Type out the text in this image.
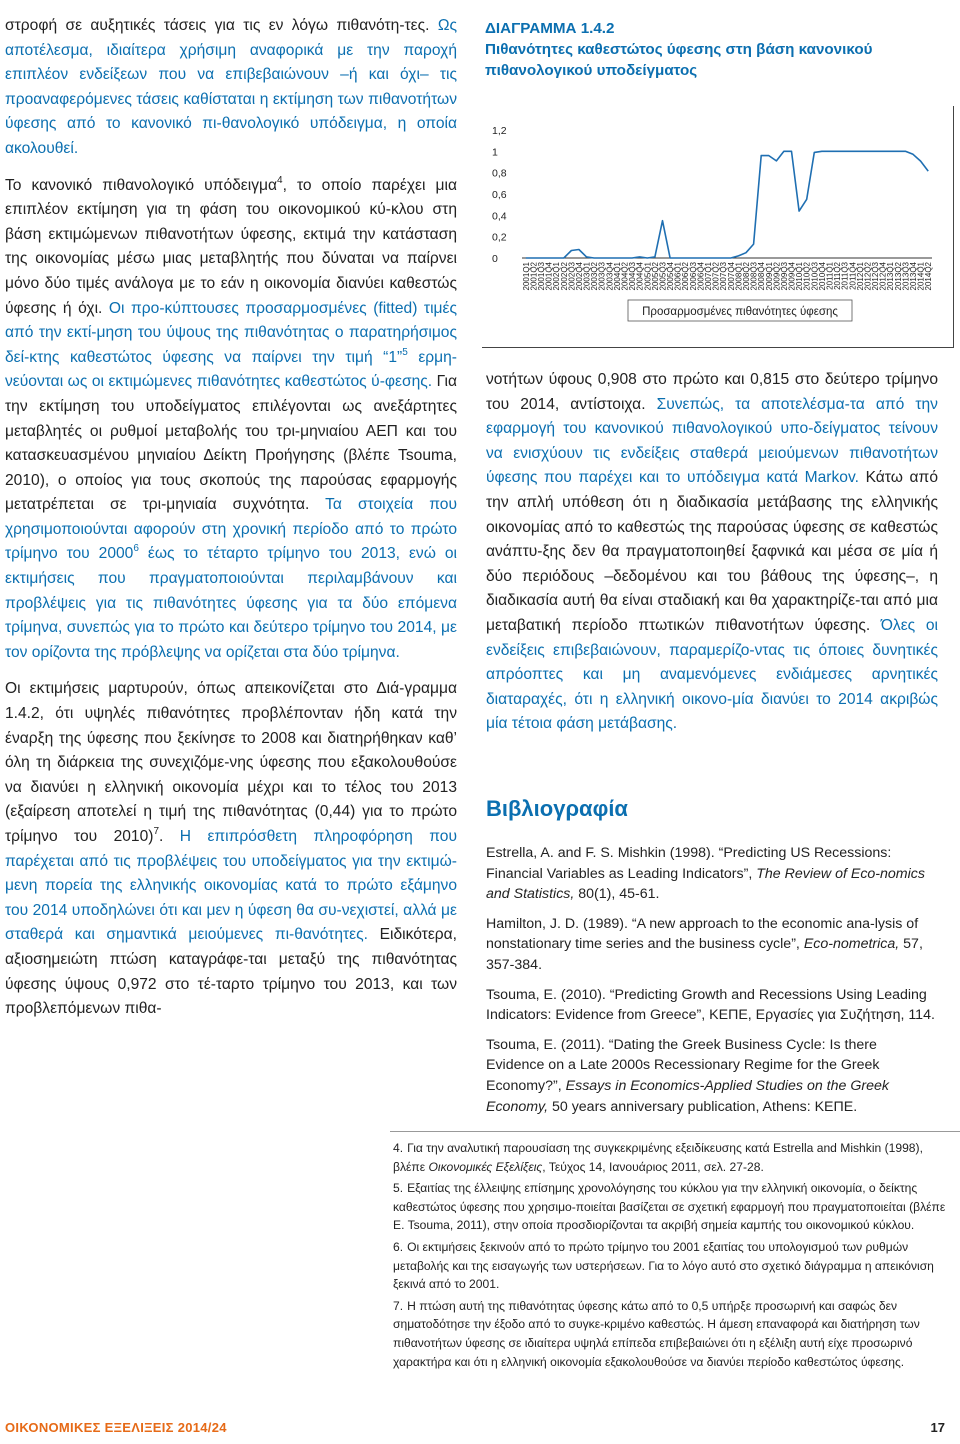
στροφή σε αυξητικές τάσεις για τις εν λόγω πιθανότη-τες. Ως αποτέλεσμα, ιδιαίτερα χρήσιμη αναφορικά με την παροχή επιπλέον ενδείξεων που να επιβεβαιώνουν –ή και όχι– τις προαναφερόμενες τάσεις καθίσταται η εκτίμηση των πιθανοτήτων ύφεσης από το κανονικό πι-θανολογικό υπόδειγμα, η οποία ακολουθεί.

Το κανονικό πιθανολογικό υπόδειγμα$^4$, το οποίο παρέχει μια επιπλέον εκτίμηση για τη φάση του οικονομικού κύ-κλου στη βάση εκτιμώμενων πιθανοτήτων ύφεσης, εκτιμά την κατάσταση της οικονομίας μέσω μιας μεταβλητής που δύναται να παίρνει μόνο δύο τιμές ανάλογα με το εάν η οικονομία διανύει καθεστώς ύφεσης ή όχι. Οι προ-κύπτουσες προσαρμοσμένες (fitted) τιμές από την εκτί-μηση του ύψους της πιθανότητας ο παρατηρήσιμος δεί-κτης καθεστώτος ύφεσης να παίρνει την τιμή “1”$^5$ ερμη-νεύονται ως οι εκτιμώμενες πιθανότητες καθεστώτος ύ-φεσης. Για την εκτίμηση του υποδείγματος επιλέγονται ως ανεξάρτητες μεταβλητές οι ρυθμοί μεταβολής του τρι-μηνιαίου ΑΕΠ και του κατασκευασμένου μηνιαίου Δείκτη Προήγησης (βλέπε Tsouma, 2010), ο οποίος για τους σκοπούς της παρούσας εφαρμογής μετατρέπεται σε τρι-μηνιαία συχνότητα. Τα στοιχεία που χρησιμοποιούνται αφορούν στη χρονική περίοδο από το πρώτο τρίμηνο του 2000$^6$ έως το τέταρτο τρίμηνο του 2013, ενώ οι εκτιμήσεις που πραγματοποιούνται περιλαμβάνουν και προβλέψεις για τις πιθανότητες ύφεσης για τα δύο επόμενα τρίμηνα, συνεπώς για το πρώτο και δεύτερο τρίμηνο του 2014, με τον ορίζοντα της πρόβλεψης να ορίζεται στα δύο τρίμηνα.

Οι εκτιμήσεις μαρτυρούν, όπως απεικονίζεται στο Διά-γραμμα 1.4.2, ότι υψηλές πιθανότητες προβλέπονταν ήδη κατά την έναρξη της ύφεσης που ξεκίνησε το 2008 και διατηρήθηκαν καθ’ όλη τη διάρκεια της συνεχιζόμε-νης ύφεσης που εξακολουθούσε να διανύει η ελληνική οικονομία μέχρι και το τέλος του 2013 (εξαίρεση αποτελεί η τιμή της πιθανότητας (0,44) για το πρώτο τρίμηνο του 2010)$^7$. Η επιπρόσθετη πληροφόρηση που παρέχεται από τις προβλέψεις του υποδείγματος για την εκτιμώ-μενη πορεία της ελληνικής οικονομίας κατά το πρώτο εξάμηνο του 2014 υποδηλώνει ότι και μεν η ύφεση θα συ-νεχιστεί, αλλά με σταθερά και σημαντικά μειούμενες πι-θανότητες. Ειδικότερα, αξιοσημειώτη πτώση καταγράφε-ται μεταξύ της πιθανότητας ύφεσης ύψους 0,972 στο τέ-ταρτο τρίμηνο του 2013, και των προβλεπόμενων πιθα-

ΔΙΑΓΡΑΜΜΑ 1.4.2
Πιθανότητες καθεστώτος ύφεσης στη βάση κανονικού πιθανολογικού υποδείγματος
1,2
1
0,8
0,6
0,4
0,2
0
2001Q1
2001Q2
2001Q3
2001Q4
2002Q1
2002Q2
2002Q3
2002Q4
2003Q1
2003Q2
2003Q3
2003Q4
2004Q1
2004Q2
2004Q3
2004Q4
2005Q1
2005Q2
2005Q3
2005Q4
2006Q1
2006Q2
2006Q3
2006Q4
2007Q1
2007Q2
2007Q3
2007Q4
2008Q1
2008Q2
2008Q3
2008Q4
2009Q1
2009Q2
2009Q3
2009Q4
2010Q1
2010Q2
2010Q3
2010Q4
2011Q1
2011Q2
2011Q3
2011Q4
2012Q1
2012Q2
2012Q3
2012Q4
2013Q1
2013Q2
2013Q3
2013Q4
2014Q1
2014Q2
Προσαρμοσμένες πιθανότητες ύφεσης

νοτήτων ύφους 0,908 στο πρώτο και 0,815 στο δεύτερο τρίμηνο του 2014, αντίστοιχα. Συνεπώς, τα αποτελέσμα-τα από την εφαρμογή του κανονικού πιθανολογικού υπο-δείγματος τείνουν να ενισχύουν τις ενδείξεις σταθερά μειούμενων πιθανοτήτων ύφεσης που παρέχει και το υπόδειγμα κατά Markov. Κάτω από την απλή υπόθεση ότι η διαδικασία μετάβασης της ελληνικής οικονομίας από το καθεστώς της παρούσας ύφεσης σε καθεστώς ανάπτυ-ξης δεν θα πραγματοποιηθεί ξαφνικά και μέσα σε μία ή δύο περιόδους –δεδομένου και του βάθους της ύφεσης–, η διαδικασία αυτή θα είναι σταδιακή και θα χαρακτηρίζε-ται από μια μεταβατική περίοδο πτωτικών πιθανοτήτων ύφεσης. Όλες οι ενδείξεις επιβεβαιώνουν, παραμερίζο-ντας τις όποιες δυνητικές απρόοπτες και μη αναμενόμενες ενδιάμεσες αρνητικές διαταραχές, ότι η ελληνική οικονο-μία διανύει το 2014 ακριβώς μία τέτοια φάση μετάβασης.

Βιβλιογραφία

Estrella, A. and F. S. Mishkin (1998). “Predicting US Recessions: Financial Variables as Leading Indicators”, The Review of Eco-nomics and Statistics, 80(1), 45-61.

Hamilton, J. D. (1989). “A new approach to the economic ana-lysis of nonstationary time series and the business cycle”, Eco-nometrica, 57, 357-384.

Tsouma, E. (2010). “Predicting Growth and Recessions Using Leading Indicators: Evidence from Greece”, ΚΕΠΕ, Εργασίες για Συζήτηση, 114.

Tsouma, E. (2011). “Dating the Greek Business Cycle: Is there Evidence on a Late 2000s Recessionary Regime for the Greek Economy?”, Essays in Economics-Applied Studies on the Greek Economy, 50 years anniversary publication, Athens: ΚΕΠΕ.

4. Για την αναλυτική παρουσίαση της συγκεκριμένης εξειδίκευσης κατά Estrella and Mishkin (1998), βλέπε Οικονομικές Εξελίξεις, Τεύχος 14, Ιανουάριος 2011, σελ. 27-28.

5. Εξαιτίας της έλλειψης επίσημης χρονολόγησης του κύκλου για την ελληνική οικονομία, ο δείκτης καθεστώτος ύφεσης που χρησιμο-ποιείται βασίζεται σε σχετική εφαρμογή που πραγματοποιείται (βλέπε E. Tsouma, 2011), στην οποία προσδιορίζονται τα ακριβή σημεία καμπής του οικονομικού κύκλου.

6. Οι εκτιμήσεις ξεκινούν από το πρώτο τρίμηνο του 2001 εξαιτίας του υπολογισμού των ρυθμών μεταβολής και της εισαγωγής των υστερήσεων. Για το λόγο αυτό στο σχετικό διάγραμμα η απεικόνιση ξεκινά από το 2001.

7. Η πτώση αυτή της πιθανότητας ύφεσης κάτω από το 0,5 υπήρξε προσωρινή και σαφώς δεν σηματοδότησε την έξοδο από το συγκε-κριμένο καθεστώς. Η άμεση επαναφορά και διατήρηση των πιθανοτήτων ύφεσης σε ιδιαίτερα υψηλά επίπεδα επιβεβαιώνει ότι η εξέλιξη αυτή είχε προσωρινό χαρακτήρα και ότι η ελληνική οικονομία εξακολουθούσε να διανύει περίοδο καθεστώτος ύφεσης.

ΟΙΚΟΝΟΜΙΚΕΣ ΕΞΕΛΙΞΕΙΣ 2014/24	17
